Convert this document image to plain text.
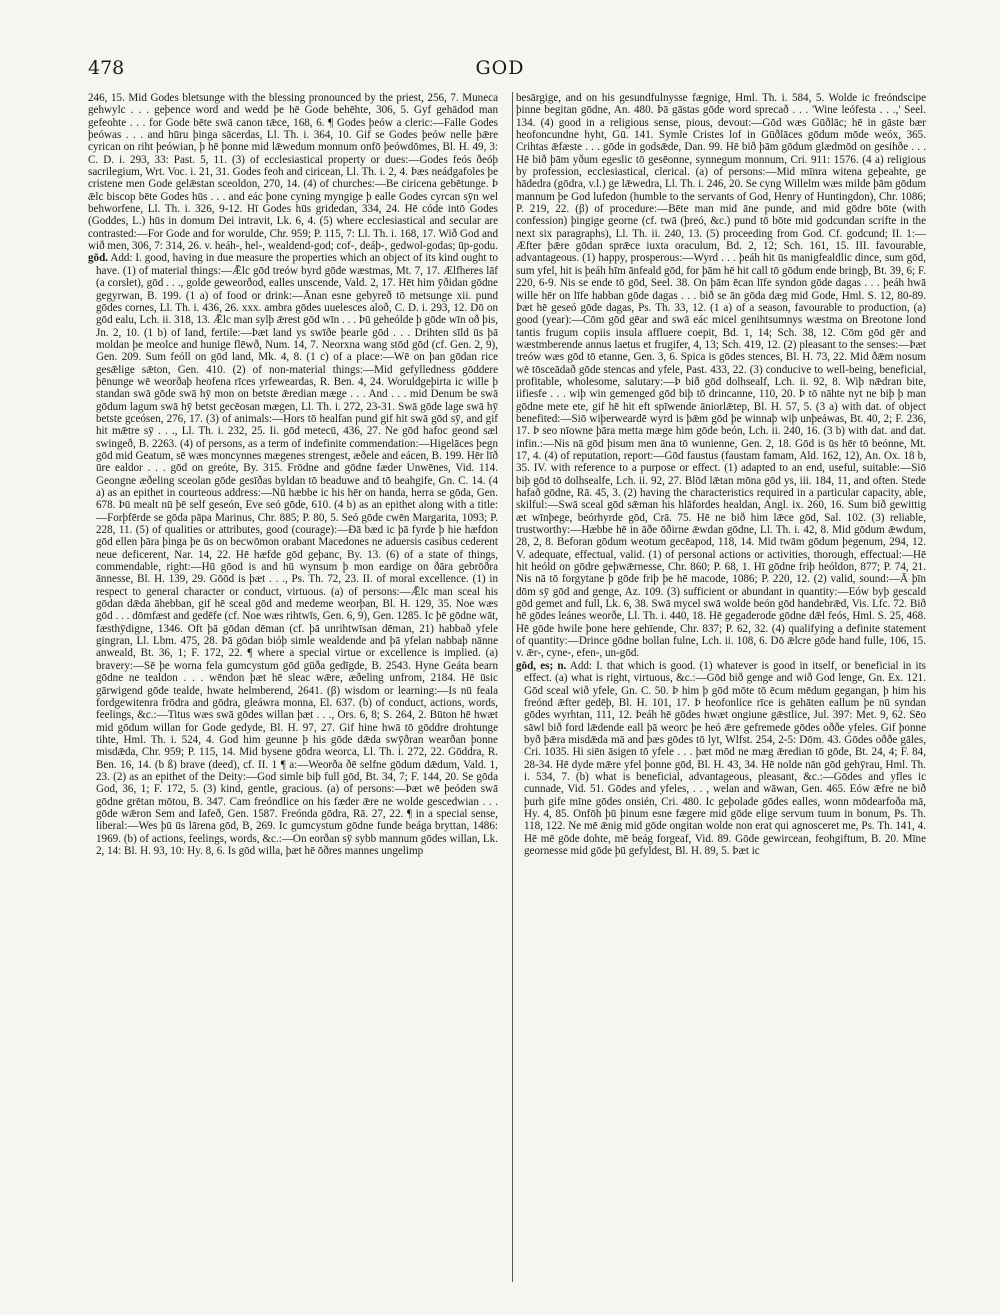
478	GOD

246, 15. Mid Godes bletsunge with the blessing pronounced by the priest, 256, 7. Muneca gehwylc . . . geþence word and wedd þe hē Gode behēhte, 306, 5. Gyf gehādod man gefeohte . . . for Gode bēte swā canon tǣce, 168, 6. ¶ Godes þeów a cleric:—Falle Godes þeówas . . . and hūru þinga sācerdas, Ll. Th. i. 364, 10. Gif se Godes þeów nelle þǣre cyrican on riht þeówian, þ hē þonne mid lǣwedum monnum onfō þeówdōmes, Bl. H. 49, 3: C. D. i. 293, 33: Past. 5, 11. (3) of ecclesiastical property or dues:—Godes feós ðeóϸ sacrilegium, Wrt. Voc. i. 21, 31. Godes feoh and ciricean, Ll. Th. i. 2, 4. Þæs neádgafoles þe cristene men Gode gelǣstan sceoldon, 270, 14. (4) of churches:—Be ciricena gebētunge. Þ ǣlc biscop bēte Godes hūs . . . and eác þone cyning myngige þ ealle Godes cyrcan sȳn wel behworfene, Ll. Th. i. 326, 9-12. Hī Godes hūs gridedan, 334, 24. Hē códe intō Godes (Goddes, L.) hūs in domum Dei intravit, Lk. 6, 4. (5) where ecclesiastical and secular are contrasted:—For Gode and for worulde, Chr. 959; P. 115, 7: Ll. Th. i. 168, 17. Wið God and wið men, 306, 7: 314, 26. v. heáh-, hel-, wealdend-god; cof-, deáþ-, gedwol-godas; ūp-godu.

gōd. Add: I. good, having in due measure the properties which an object of its kind ought to have. (1) of material things:—Ǣlc gōd treów byrd gōde wæstmas, Mt. 7, 17. Ælfheres lāf (a corslet), gōd . . ., golde geweorðod, ealles unscende, Vald. 2, 17. Hēt him ȳðidan gōdne gegyrwan, B. 199. (1 a) of food or drink:—Ānan esne gebyreð tō metsunge xii. pund gōdes cornes, Ll. Th. i. 436, 26. xxx. ambra gōdes uuelesces aloð, C. D. i. 293, 12. Dō on gōd ealu, Lch. ii. 318, 13. Ǣlc man sylþ ǣrest gōd wīn . . . Þū geheólde þ gōde wīn oð þis, Jn. 2, 10. (1 b) of land, fertile:—Þæt land ys swīðe þearle gōd . . . Drihten sīld ūs þā moldan þe meolce and hunige flēwð, Num. 14, 7. Neorxna wang stōd gōd (cf. Gen. 2, 9), Gen. 209. Sum feóll on gōd land, Mk. 4, 8. (1 c) of a place:—Wē on þan gōdan rice gesǣlige sǣton, Gen. 410. (2) of non-material things:—Mid gefylledness gōddere þēnunge wē weorðaþ heofena rīces yrfeweardas, R. Ben. 4, 24. Woruldgeþirta ic wille þ standan swā gōde swā hȳ mon on betste ǣredian mæge . . . And . . . mid Denum be swā gōdum lagum swā hȳ betst gecēosan mægen, Ll. Th. i. 272, 23-31. Swā gōde lage swā hȳ betste gceósen, 276, 17. (3) of animals:—Hors tō healfan pund gif hit swā gōd sȳ, and gif hit mǣtre sȳ . . ., Ll. Th. i. 232, 25. Ii. gōd metecū, 436, 27. Ne gōd hafoc geond sæl swingeð, B. 2263. (4) of persons, as a term of indefinite commendation:—Higelāces þegn gōd mid Geatum, sē wæs moncynnes mægenes strengest, æðele and eácen, B. 199. Hēr līð ūre ealdor . . . gōd on greóte, By. 315. Frōdne and gōdne fæder Unwēnes, Vid. 114. Geongne æðeling sceolan gōde gesīðas byldan tō beaduwe and tō beahgife, Gn. C. 14. (4 a) as an epithet in courteous address:—Nū hæbbe ic his hēr on handa, herra se gōda, Gen. 678. Þū mealt nū þē self geseón, Eve seó gōde, 610. (4 b) as an epithet along with a title:—Forþfērde se gōda pāpa Marinus, Chr. 885; P. 80, 5. Seó gōde cwēn Margarita, 1093; P. 228, 11. (5) of qualities or attributes, good (courage):—Ðā bæd ic þā fyrde þ hie hæfdon gōd ellen þāra þinga þe ūs on becwōmon orabant Macedones ne aduersis casibus cederent neue deficerent, Nar. 14, 22. Hē hæfde gōd geþanc, By. 13. (6) of a state of things, commendable, right:—Hū gōod is and hū wynsum þ mon eardige on ðāra gebrōðra ānnesse, Bl. H. 139, 29. Gōōd is þæt . . ., Ps. Th. 72, 23. II. of moral excellence. (1) in respect to general character or conduct, virtuous. (a) of persons:—Ǣlc man sceal his gōdan dǣda āhebban, gif hē sceal gōd and medeme weorþan, Bl. H. 129, 35. Noe wæs gōd . . . dōmfæst and gedēfe (cf. Noe wæs rihtwīs, Gen. 6, 9), Gen. 1285. Ic þē gōdne wāt, fæsthȳdigne, 1346. Oft þā gōdan dēman (cf. þā unrihtwīsan dēman, 21) habbað yfele gingran, Ll. Lbm. 475, 28. Þā gōdan bióþ simle wealdende and þā yfelan nabbaþ nānne anweald, Bt. 36, 1; F. 172, 22. ¶ where a special virtue or excellence is implied. (a) bravery:—Sē þe worna fela gumcystum gōd gūða gedīgde, B. 2543. Hyne Geáta bearn gōdne ne tealdon . . . wēndon þæt hē sleac wǣre, æðeling unfrom, 2184. Hē ūsic gārwigend gōde tealde, hwate helmberend, 2641. (β) wisdom or learning:—Is nū feala fordgewitenra frōdra and gōdra, gleáwra monna, El. 637. (b) of conduct, actions, words, feelings, &c.:—Titus wæs swā gōdes willan þæt . . ., Ors. 6, 8; S. 264, 2. Būton hē hwæt mid gōdum willan for Gode gedyde, Bl. H. 97, 27. Gif hine hwā tō gōddre drohtunge tihte, Hml. Th. i. 524, 4. God him geunne þ his gōde dǣda swȳðran wearðan þonne misdǣda, Chr. 959; P. 115, 14. Mid bysene gōdra weorca, Ll. Th. i. 272, 22. Gōddra, R. Ben. 16, 14. (b ß) brave (deed), cf. II. 1 ¶ a:—Weorða ðē selfne gōdum dǣdum, Vald. 1, 23. (2) as an epithet of the Deity:—God simle biþ full gōd, Bt. 34, 7; F. 144, 20. Se gōda God, 36, 1; F. 172, 5. (3) kind, gentle, gracious. (a) of persons:—Þæt wē þeóden swā gōdne grētan mōtou, B. 347. Cam freóndlice on his fæder ǣre ne wolde gescedwian . . . gōde wǣron Sem and Iafeð, Gen. 1587. Freónda gōdra, Rā. 27, 22. ¶ in a special sense, liberal:—Wes þū ūs lārena gōd, B, 269. Ic gumcystum gōdne funde beága bryttan, 1486: 1969. (b) of actions, feelings, words, &c.:—On eorðan sȳ sybb mannum gōdes willan, Lk. 2, 14: Bl. H. 93, 10: Hy. 8, 6. Is gōd willa, þæt hē ōðres mannes ungelimp

besārgige, and on his gesundfulnysse fægnige, Hml. Th. i. 584, 5. Wolde ic freóndscipe þinne begitan gōdne, An. 480. Þā gāstas gōde word sprecað . . . 'Wine leófesta . . .,' Seel. 134. (4) good in a religious sense, pious, devout:—Gōd wæs Gūðlāc; hē in gāste bær heofoncundne hyht, Gū. 141. Symle Cristes lof in Gūðlāces gōdum mōde weóx, 365. Crihtas ǣfæste . . . gōde in godsǣde, Dan. 99. Hē bið þām gōdum glædmōd on gesihðe . . . Hē bið þām yðum egeslic tō gesēonne, synnegum monnum, Cri. 911: 1576. (4 a) religious by profession, ecclesiastical, clerical. (a) of persons:—Mid mīnra witena geþeahte, ge hādedra (gōdra, v.l.) ge lǣwedra, Ll. Th. i. 246, 20. Se cyng Willelm wæs milde þām gōdum mannum þe God lufedon (humble to the servants of God, Henry of Huntingdon), Chr. 1086; P. 219, 22. (β) of procedure:—Bēte man mid āne punde, and mid gōdre bōte (with confession) þingige georne (cf. twā (þreó, &c.) pund tō bōte mid godcundan scrifte in the next six paragraphs), Ll. Th. ii. 240, 13. (5) proceeding from God. Cf. godcund; II. 1:—Æfter þǣre gōdan sprǣce iuxta oraculum, Bd. 2, 12; Sch. 161, 15. III. favourable, advantageous. (1) happy, prosperous:—Wyrd . . . þeáh hit ūs manigfealdlic dince, sum gōd, sum yfel, hit is þeáh hīm ānfeald gōd, for þām hē hit call tō gōdum ende bringþ, Bt. 39, 6; F. 220, 6-9. Nis se ende tō gōd, Seel. 38. On þām ēcan līfe syndon gōde dagas . . . þeáh hwā wille hēr on līfe habban gōde dagas . . . bið se ān gōda dæg mid Gode, Hml. S. 12, 80-89. Þæt hē geseó gōde dagas, Ps. Th. 33, 12. (1 a) of a season, favourable to production, (a) good (year):—Cōm gōd gēar and swā eác micel genihtsumnys wæstma on Breotone lond tantis frugum copiis insula affluere coepit, Bd. 1, 14; Sch. 38, 12. Cōm gōd gēr and wæstmberende annus laetus et frugifer, 4, 13; Sch. 419, 12. (2) pleasant to the senses:—Þæt treów wæs gōd tō etanne, Gen. 3, 6. Spica is gōdes stences, Bl. H. 73, 22. Mid ðǣm nosum wē tōsceādað gōde stencas and yfele, Past. 433, 22. (3) conducive to well-being, beneficial, profitable, wholesome, salutary:—Þ bið gōd dolhsealf, Lch. ii. 92, 8. Wiþ nǣdran bite, iifiesfe . . . wiþ win gemenged gōd biþ tō drincanne, 110, 20. Þ tō nāhte nyt ne biþ þ man gōdne mete ete, gif hē hit eft spīwende āniorlǣtep, Bl. H. 57, 5. (3 a) with dat. of object benefited:—Siō wiþerweardē wyrd is þǣm gōd þe winnaþ wiþ unþeáwas, Bt. 40, 2; F. 236, 17. Þ seo nīowne þāra metta mæge him gōde beón, Lch. ii. 240, 16. (3 b) with dat. and dat. infin.:—Nis nā gōd þisum men āna tō wunienne, Gen. 2, 18. Gōd is ūs hēr tō beónne, Mt. 17, 4. (4) of reputation, report:—Gōd faustus (faustam famam, Ald. 162, 12), An. Ox. 18 b, 35. IV. with reference to a purpose or effect. (1) adapted to an end, useful, suitable:—Siō biþ gōd tō dolhsealfe, Lch. ii. 92, 27. Blōd lǣtan mōna gōd ys, iii. 184, 11, and often. Stede hafað gōdne, Rā. 45, 3. (2) having the characteristics required in a particular capacity, able, skilful:—Swā sceal gōd sǣman his hlāfordes healdan, Angl. ix. 260, 16. Sum bið gewittig æt wīnþege, beórhyrde gōd, Crā. 75. Hē ne bið him lǣce gōd, Sal. 102. (3) reliable, trustworthy:—Hæbbe hē in āðe ōðirne ǣwdan gōdne, Ll. Th. i. 42, 8. Mid gōdum ǣwdum, 28, 2, 8. Beforan gōdum weotum gecēapod, 118, 14. Mid twām gōdum þegenum, 294, 12. V. adequate, effectual, valid. (1) of personal actions or activities, thorough, effectual:—Hē hit heóld on gōdre geþwǣrnesse, Chr. 860; P. 68, 1. Hī gōdne friþ heóldon, 877; P. 74, 21. Nis nā tō forgytane þ gōde friþ þe hē macode, 1086; P. 220, 12. (2) valid, sound:—Ā þīn dōm sȳ gōd and genge, Az. 109. (3) sufficient or abundant in quantity:—Eów byþ gescald gōd gemet and full, Lk. 6, 38. Swā mycel swā wolde beón gōd handebrǣd, Vis. Lfc. 72. Bið hē gōdes leánes weorðe, Ll. Th. i. 440, 18. Hē gegaderode gōdne dǣl feós, Hml. S. 25, 468. Hē gōde hwile þone here gehīende, Chr. 837; P. 62, 32. (4) qualifying a definite statement of quantity:—Drince gōdne bollan fulne, Lch. ii. 108, 6. Dō ǣlcre gōde hand fulle, 106, 15. v. ǣr-, cyne-, efen-, un-gōd.

gōd, es; n. Add: I. that which is good. (1) whatever is good in itself, or beneficial in its effect. (a) what is right, virtuous, &c.:—Gōd bið genge and wið God lenge, Gn. Ex. 121. Gōd sceal wið yfele, Gn. C. 50. Þ him þ gōd mōte tō ēcum mēdum gegangan, þ him his freónd ǣfter gedēþ, Bl. H. 101, 17. Þ heofonlice rīce is gehāten eallum þe nū syndan gōdes wyrhtan, 111, 12. Þeáh hē gōdes hwæt ongiune gǣstlice, Jul. 397: Met. 9, 62. Sēo sāwl bið ford lǣdende eall þā weorc þe heó ǣre gefremede gōdes oððe yfeles. Gif þonne byð þǣra misdǣda mā and þæs gōdes tō lyt, Wlfst. 254, 2-5: Dōm. 43. Gōdes oððe gāles, Cri. 1035. Hi siēn āsigen tō yfele . . . þæt mōd ne mæg ǣredian tō gōde, Bt. 24, 4; F. 84, 28-34. Hē dyde mǣre yfel þonne gōd, Bl. H. 43, 34. Hē nolde nān gōd gehȳrau, Hml. Th. i. 534, 7. (b) what is beneficial, advantageous, pleasant, &c.:—Gōdes and yfles ic cunnade, Vid. 51. Gōdes and yfeles, . . , welan and wāwan, Gen. 465. Eów ǣfre ne bið þurh gife mīne gōdes onsién, Cri. 480. Ic geþolade gōdes ealles, wonn mōdearfoða mā, Hy. 4, 85. Onfōh þū þinum esne fægere mid gōde elige servum tuum in bonum, Ps. Th. 118, 122. Ne mē ǣnig mid gōde ongitan wolde non erat qui agnosceret me, Ps. Th. 141, 4. Hē mē gōde dohte, mē beág forgeaf, Vid. 89. Gōde gewircean, feohgiftum, B. 20. Mīne geornesse mid gōde þū gefyldest, Bl. H. 89, 5. Þæt ic
